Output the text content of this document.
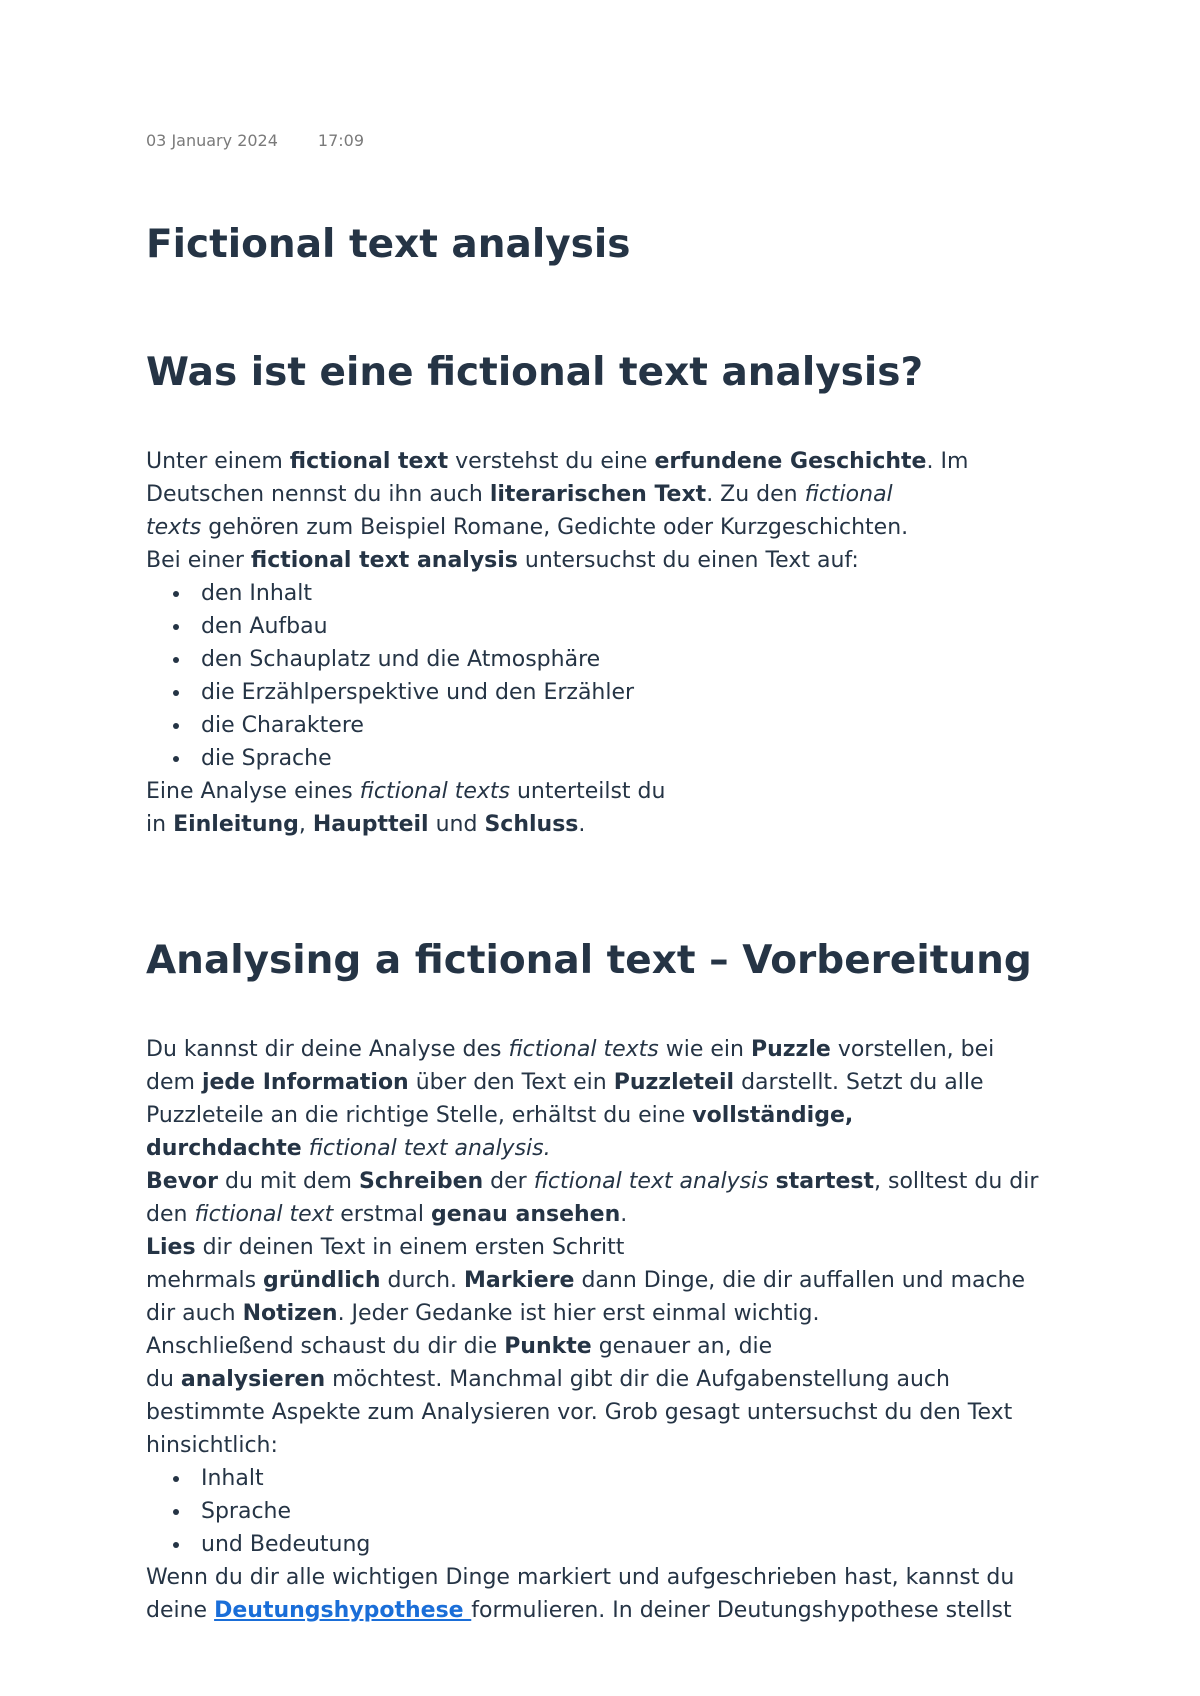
03 January 2024	17:09
Fictional text analysis
Was ist eine fictional text analysis?
Unter einem fictional text verstehst du eine erfundene Geschichte. Im
Deutschen nennst du ihn auch literarischen Text. Zu den fictional
texts gehören zum Beispiel Romane, Gedichte oder Kurzgeschichten.
Bei einer fictional text analysis untersuchst du einen Text auf:
den Inhalt
den Aufbau
den Schauplatz und die Atmosphäre
die Erzählperspektive und den Erzähler
die Charaktere
die Sprache
Eine Analyse eines fictional texts unterteilst du
in Einleitung, Hauptteil und Schluss.
Analysing a fictional text – Vorbereitung
Du kannst dir deine Analyse des fictional texts wie ein Puzzle vorstellen, bei
dem jede Information über den Text ein Puzzleteil darstellt. Setzt du alle
Puzzleteile an die richtige Stelle, erhältst du eine vollständige,
durchdachte fictional text analysis.
Bevor du mit dem Schreiben der fictional text analysis startest, solltest du dir
den fictional text erstmal genau ansehen.
Lies dir deinen Text in einem ersten Schritt
mehrmals gründlich durch. Markiere dann Dinge, die dir auffallen und mache
dir auch Notizen. Jeder Gedanke ist hier erst einmal wichtig.
Anschließend schaust du dir die Punkte genauer an, die
du analysieren möchtest. Manchmal gibt dir die Aufgabenstellung auch
bestimmte Aspekte zum Analysieren vor. Grob gesagt untersuchst du den Text
hinsichtlich:
Inhalt
Sprache
und Bedeutung
Wenn du dir alle wichtigen Dinge markiert und aufgeschrieben hast, kannst du
deine Deutungshypothese formulieren. In deiner Deutungshypothese stellst
